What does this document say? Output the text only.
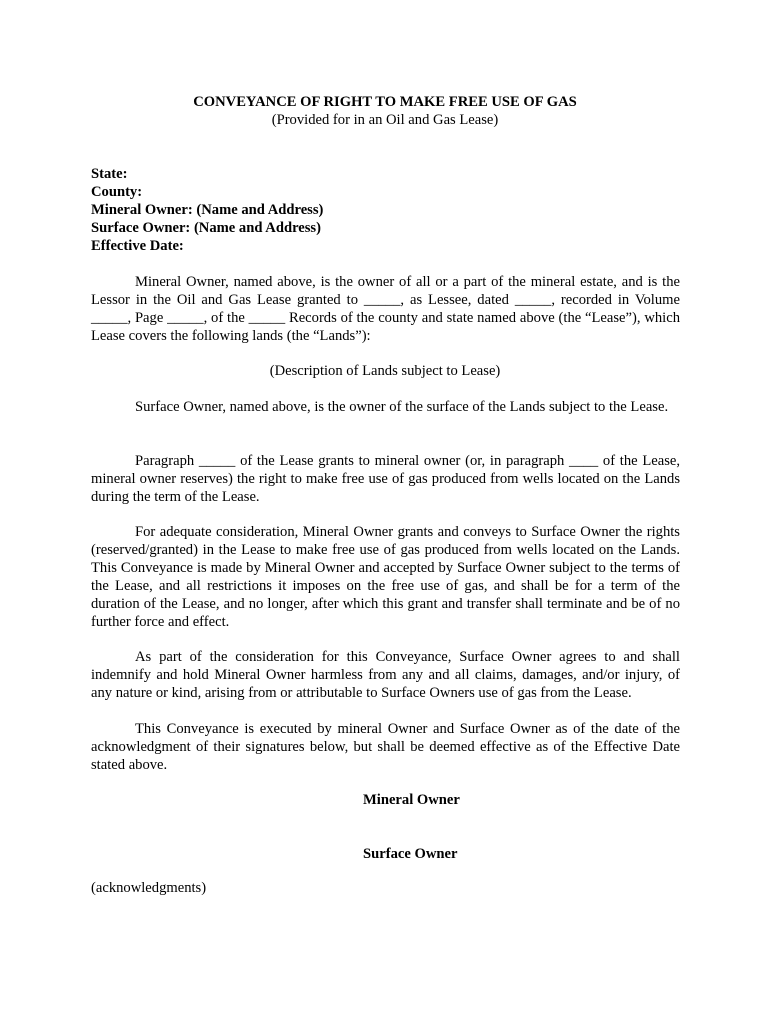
CONVEYANCE OF RIGHT TO MAKE FREE USE OF GAS

(Provided for in an Oil and Gas Lease)

State:
County:
Mineral Owner: (Name and Address)
Surface Owner: (Name and Address)
Effective Date:

Mineral Owner, named above, is the owner of all or a part of the mineral estate, and is the Lessor in the Oil and Gas Lease granted to _____, as Lessee, dated _____, recorded in Volume _____, Page _____, of the _____ Records of the county and state named above (the “Lease”), which Lease covers the following lands (the “Lands”):

(Description of Lands subject to Lease)

Surface Owner, named above, is the owner of the surface of the Lands subject to the Lease.

Paragraph _____ of the Lease grants to mineral owner (or, in paragraph ____ of the Lease, mineral owner reserves) the right to make free use of gas produced from wells located on the Lands during the term of the Lease.

For adequate consideration, Mineral Owner grants and conveys to Surface Owner the rights (reserved/granted) in the Lease to make free use of gas produced from wells located on the Lands. This Conveyance is made by Mineral Owner and accepted by Surface Owner subject to the terms of the Lease, and all restrictions it imposes on the free use of gas, and shall be for a term of the duration of the Lease, and no longer, after which this grant and transfer shall terminate and be of no further force and effect.

As part of the consideration for this Conveyance, Surface Owner agrees to and shall indemnify and hold Mineral Owner harmless from any and all claims, damages, and/or injury, of any nature or kind, arising from or attributable to Surface Owners use of gas from the Lease.

This Conveyance is executed by mineral Owner and Surface Owner as of the date of the acknowledgment of their signatures below, but shall be deemed effective as of the Effective Date stated above.

Mineral Owner

Surface Owner

(acknowledgments)
